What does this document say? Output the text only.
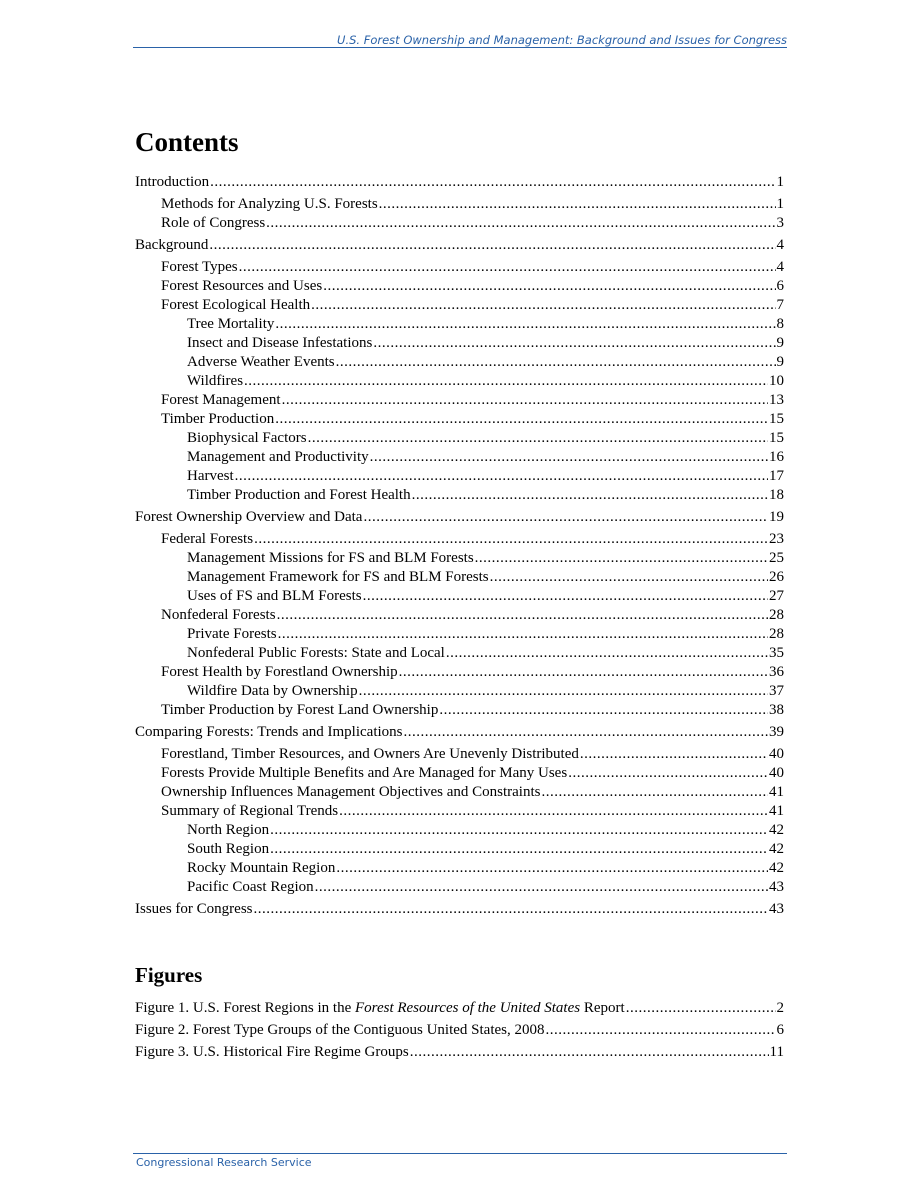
U.S. Forest Ownership and Management: Background and Issues for Congress
Contents
Introduction .....	1
Methods for Analyzing U.S. Forests .....	1
Role of Congress .....	3
Background .....	4
Forest Types .....	4
Forest Resources and Uses .....	6
Forest Ecological Health .....	7
Tree Mortality .....	8
Insect and Disease Infestations .....	9
Adverse Weather Events .....	9
Wildfires .....	10
Forest Management .....	13
Timber Production .....	15
Biophysical Factors .....	15
Management and Productivity .....	16
Harvest .....	17
Timber Production and Forest Health .....	18
Forest Ownership Overview and Data .....	19
Federal Forests .....	23
Management Missions for FS and BLM Forests .....	25
Management Framework for FS and BLM Forests .....	26
Uses of FS and BLM Forests .....	27
Nonfederal Forests .....	28
Private Forests .....	28
Nonfederal Public Forests: State and Local .....	35
Forest Health by Forestland Ownership .....	36
Wildfire Data by Ownership .....	37
Timber Production by Forest Land Ownership .....	38
Comparing Forests: Trends and Implications .....	39
Forestland, Timber Resources, and Owners Are Unevenly Distributed .....	40
Forests Provide Multiple Benefits and Are Managed for Many Uses .....	40
Ownership Influences Management Objectives and Constraints .....	41
Summary of Regional Trends .....	41
North Region .....	42
South Region .....	42
Rocky Mountain Region .....	42
Pacific Coast Region .....	43
Issues for Congress .....	43
Figures
Figure 1. U.S. Forest Regions in the Forest Resources of the United States Report .....	2
Figure 2. Forest Type Groups of the Contiguous United States, 2008 .....	6
Figure 3. U.S. Historical Fire Regime Groups .....	11
Congressional Research Service
